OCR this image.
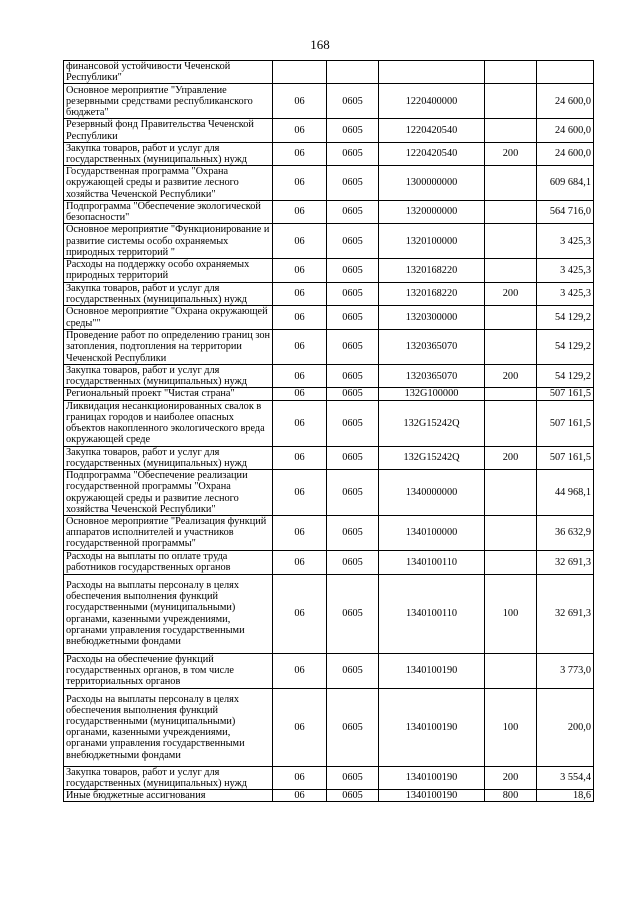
168
финансовой устойчивости Чеченской Республики"					
Основное мероприятие "Управление резервными средствами республиканского бюджета"	06	0605	1220400000		24 600,0
Резервный фонд Правительства Чеченской Республики	06	0605	1220420540		24 600,0
Закупка товаров, работ и услуг для государственных (муниципальных) нужд	06	0605	1220420540	200	24 600,0
Государственная программа "Охрана окружающей среды и развитие лесного хозяйства Чеченской Республики"	06	0605	1300000000		609 684,1
Подпрограмма "Обеспечение экологической безопасности"	06	0605	1320000000		564 716,0
Основное мероприятие "Функционирование и развитие системы особо охраняемых природных территорий "	06	0605	1320100000		3 425,3
Расходы на поддержку особо охраняемых природных территорий	06	0605	1320168220		3 425,3
Закупка товаров, работ и услуг для государственных (муниципальных) нужд	06	0605	1320168220	200	3 425,3
Основное мероприятие "Охрана окружающей среды""	06	0605	1320300000		54 129,2
Проведение работ по определению границ зон затопления, подтопления на территории Чеченской Республики	06	0605	1320365070		54 129,2
Закупка товаров, работ и услуг для государственных (муниципальных) нужд	06	0605	1320365070	200	54 129,2
Региональный проект "Чистая страна"	06	0605	132G100000		507 161,5
Ликвидация несанкционированных свалок в границах городов и наиболее опасных объектов накопленного экологического вреда окружающей среде	06	0605	132G15242Q		507 161,5
Закупка товаров, работ и услуг для государственных (муниципальных) нужд	06	0605	132G15242Q	200	507 161,5
Подпрограмма "Обеспечение реализации государственной программы "Охрана окружающей среды и развитие лесного хозяйства Чеченской Республики"	06	0605	1340000000		44 968,1
Основное мероприятие "Реализация функций аппаратов исполнителей и участников государственной программы"	06	0605	1340100000		36 632,9
Расходы на выплаты по оплате труда работников государственных органов	06	0605	1340100110		32 691,3
Расходы на выплаты персоналу в целях обеспечения выполнения функций государственными (муниципальными) органами, казенными учреждениями, органами управления государственными внебюджетными фондами	06	0605	1340100110	100	32 691,3
Расходы на обеспечение функций государственных органов, в том числе территориальных органов	06	0605	1340100190		3 773,0
Расходы на выплаты персоналу в целях обеспечения выполнения функций государственными (муниципальными) органами, казенными учреждениями, органами управления государственными внебюджетными фондами	06	0605	1340100190	100	200,0
Закупка товаров, работ и услуг для государственных (муниципальных) нужд	06	0605	1340100190	200	3 554,4
Иные бюджетные ассигнования	06	0605	1340100190	800	18,6
